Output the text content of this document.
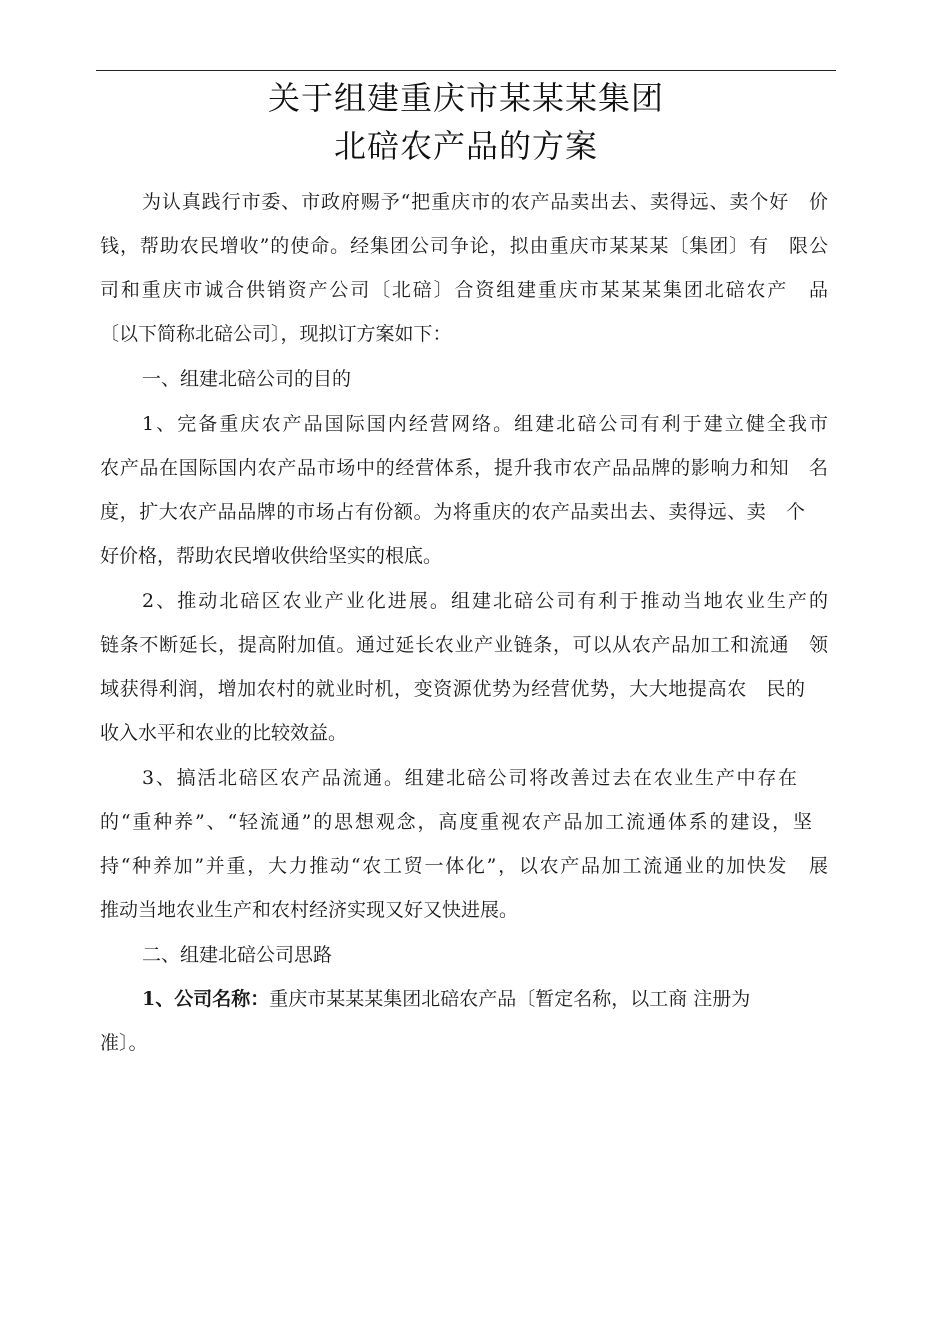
关于组建重庆市某某某集团
北碚农产品的方案
为认真践行市委、市政府赐予“把重庆市的农产品卖出去、卖得远、卖个好　价
钱，帮助农民增收”的使命。经集团公司争论，拟由重庆市某某某〔集团〕有　限公
司和重庆市诚合供销资产公司〔北碚〕合资组建重庆市某某某集团北碚农产　品
〔以下简称北碚公司〕，现拟订方案如下：
一、组建北碚公司的目的
1、完备重庆农产品国际国内经营网络。组建北碚公司有利于建立健全我市
农产品在国际国内农产品市场中的经营体系，提升我市农产品品牌的影响力和知　名
度，扩大农产品品牌的市场占有份额。为将重庆的农产品卖出去、卖得远、卖　个
好价格，帮助农民增收供给坚实的根底。
2、推动北碚区农业产业化进展。组建北碚公司有利于推动当地农业生产的
链条不断延长，提高附加值。通过延长农业产业链条，可以从农产品加工和流通　领
域获得利润，增加农村的就业时机，变资源优势为经营优势，大大地提高农　民的
收入水平和农业的比较效益。
3、搞活北碚区农产品流通。组建北碚公司将改善过去在农业生产中存在
的“重种养”、“轻流通”的思想观念，高度重视农产品加工流通体系的建设，坚
持“种养加”并重，大力推动“农工贸一体化”，以农产品加工流通业的加快发　展
推动当地农业生产和农村经济实现又好又快进展。
二、组建北碚公司思路
1、公司名称：重庆市某某某集团北碚农产品〔暂定名称，以工商 注册为
准〕。
